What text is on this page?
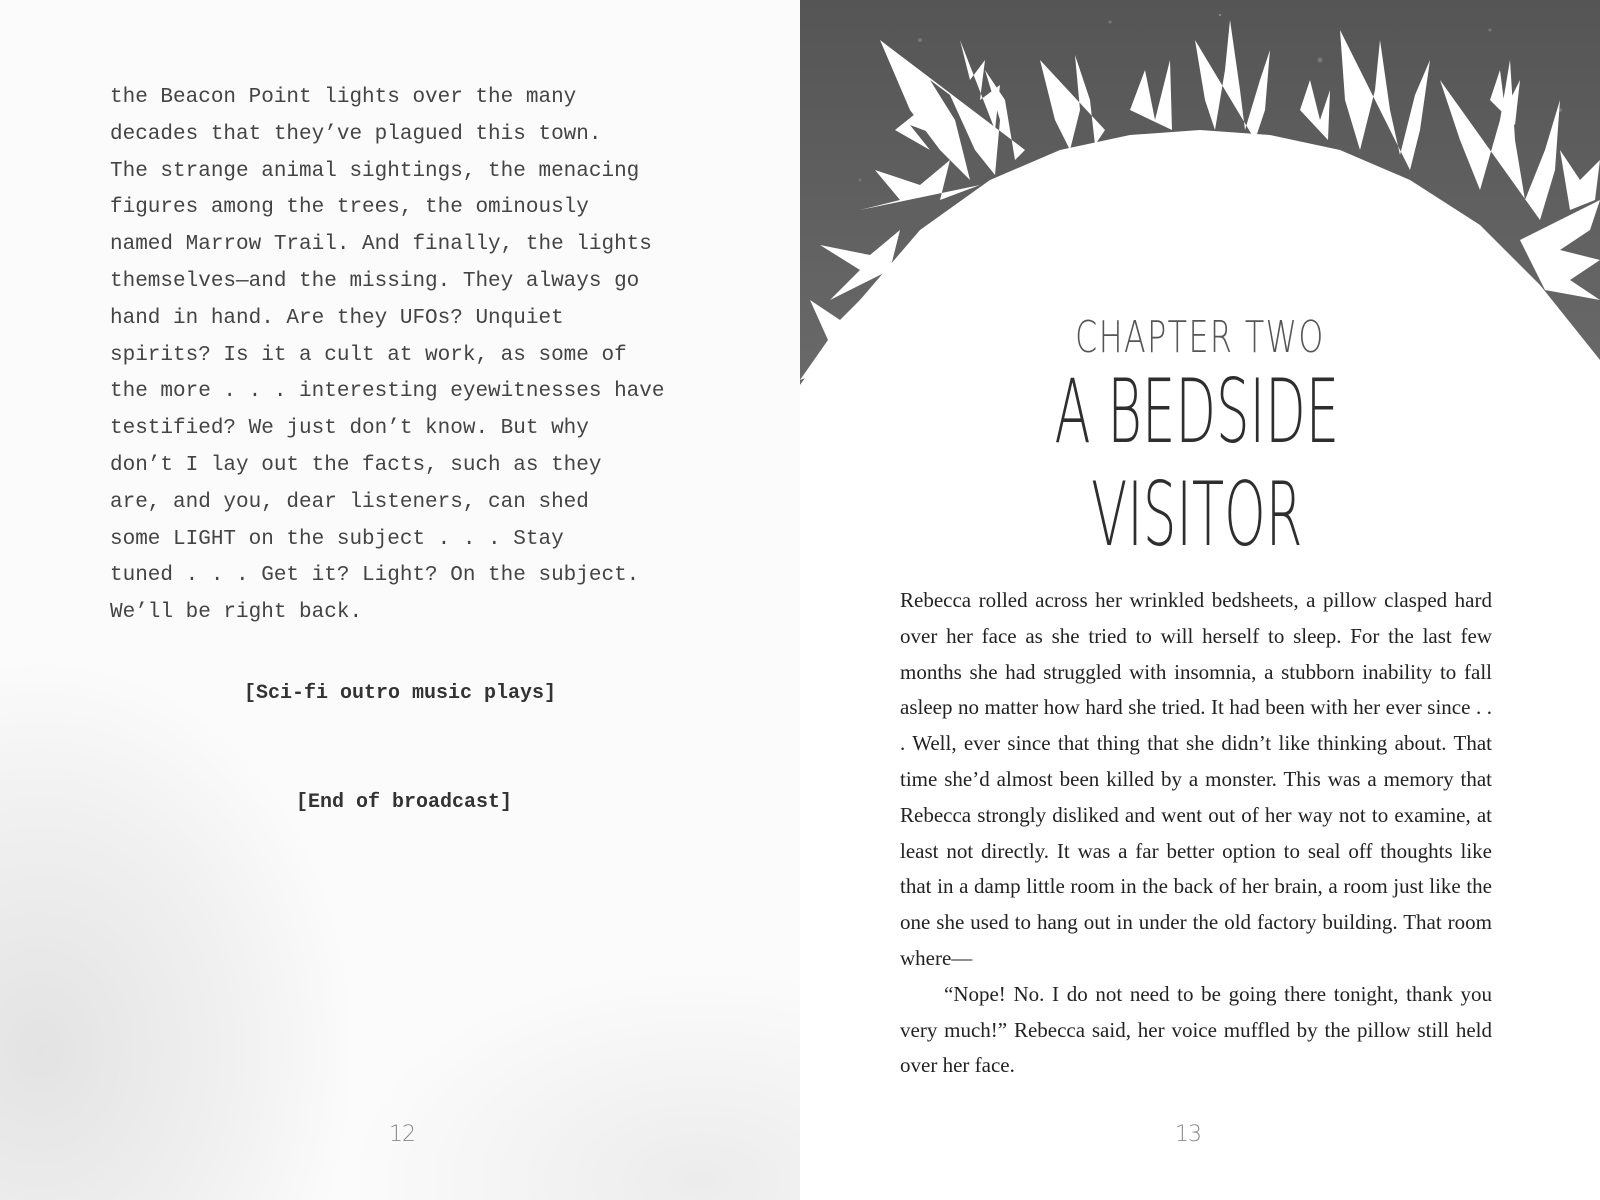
the Beacon Point lights over the many

decades that they’ve plagued this town.

The strange animal sightings, the menacing

figures among the trees, the ominously

named Marrow Trail. And finally, the lights

themselves—and the missing. They always go

hand in hand. Are they UFOs? Unquiet

spirits? Is it a cult at work, as some of

the more . . . interesting eyewitnesses have

testified? We just don’t know. But why

don’t I lay out the facts, such as they

are, and you, dear listeners, can shed

some LIGHT on the subject . . . Stay

tuned . . . Get it? Light? On the subject.

We’ll be right back.

[Sci-fi outro music plays]
[End of broadcast]
12
CHAPTER TWO
A BEDSIDE VISITOR

Rebecca rolled across her wrinkled bedsheets, a pillow clasped hard over her face as she tried to will herself to sleep. For the last few months she had struggled with insomnia, a stubborn inability to fall asleep no matter how hard she tried. It had been with her ever since . . . Well, ever since that thing that she didn’t like thinking about. That time she’d almost been killed by a monster. This was a memory that Rebecca strongly disliked and went out of her way not to examine, at least not directly. It was a far better option to seal off thoughts like that in a damp little room in the back of her brain, a room just like the one she used to hang out in under the old factory building. That room where—

“Nope! No. I do not need to be going there tonight, thank you very much!” Rebecca said, her voice muffled by the pillow still held over her face.

13
